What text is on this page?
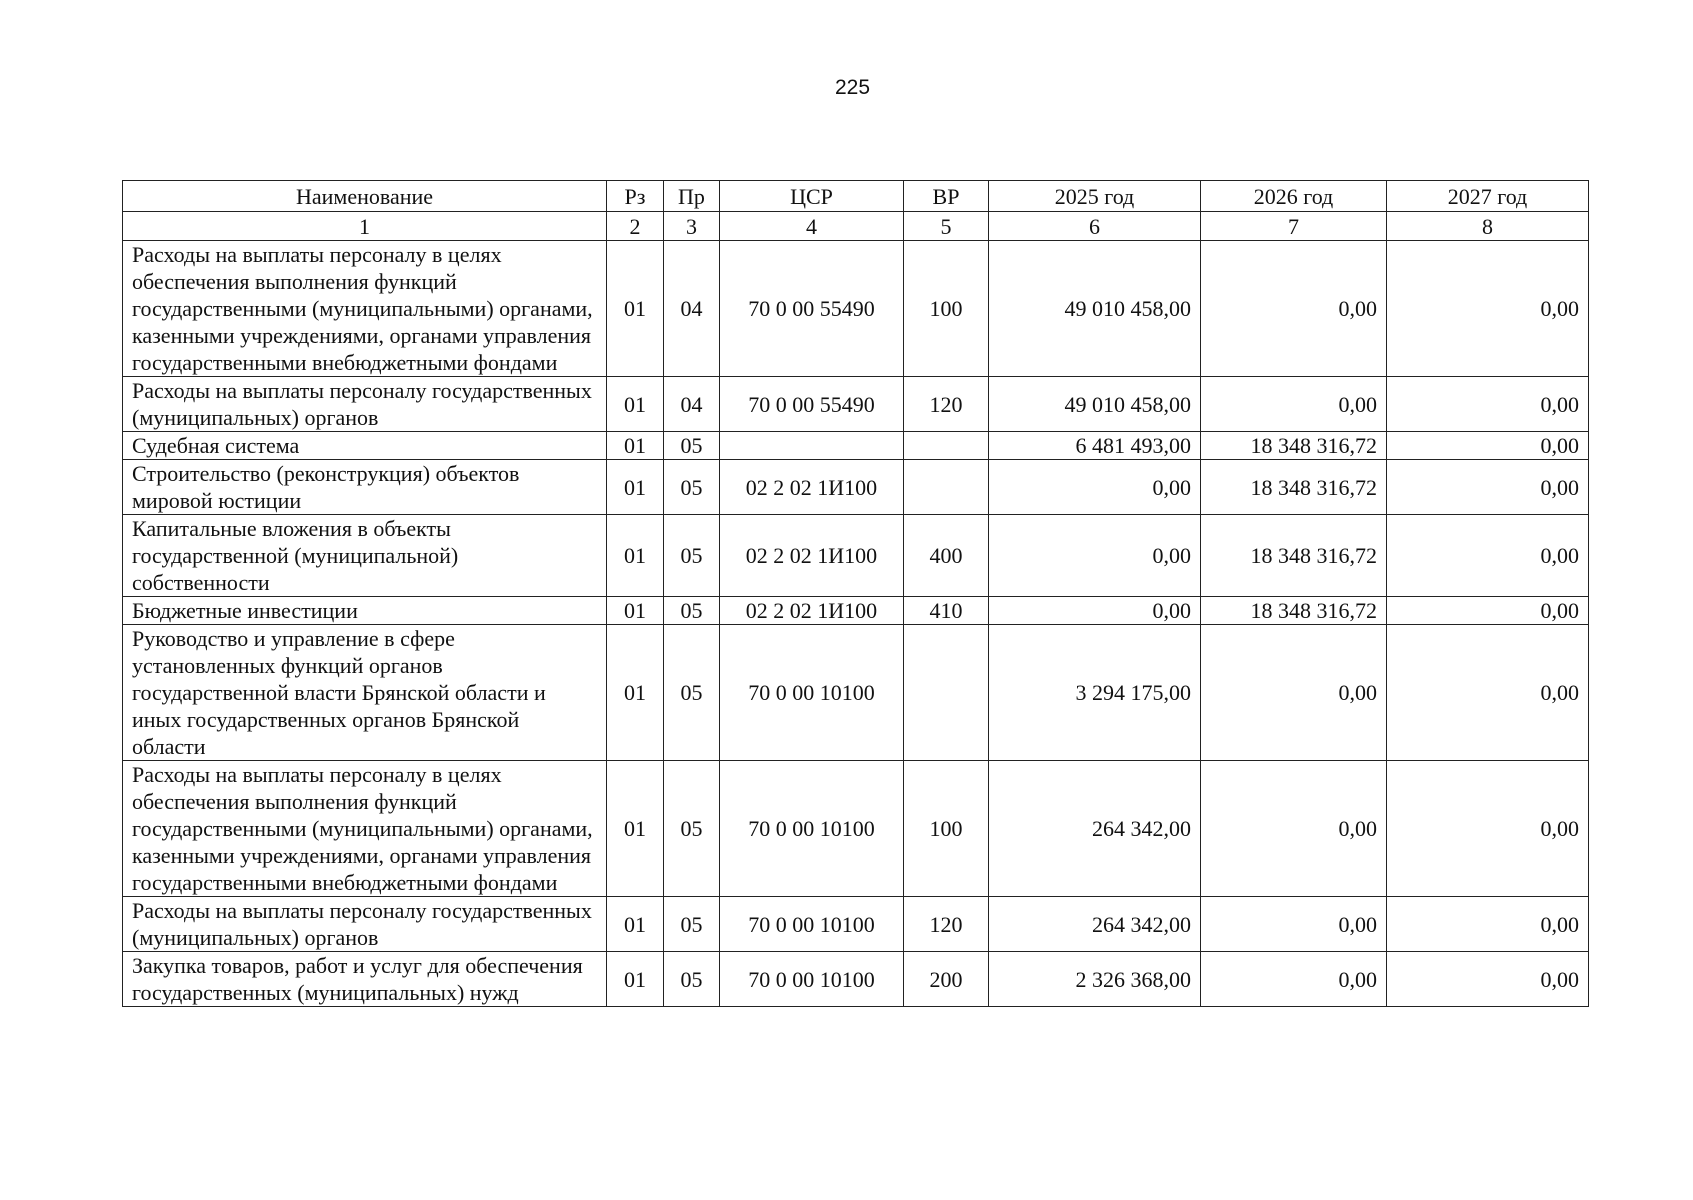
225
Наименование	Рз	Пр	ЦСР	ВР	2025 год	2026 год	2027 год
1	2	3	4	5	6	7	8
Расходы на выплаты персоналу в целях обеспечения выполнения функций государственными (муниципальными) органами, казенными учреждениями, органами управления государственными внебюджетными фондами	01	04	70 0 00 55490	100	49 010 458,00	0,00	0,00
Расходы на выплаты персоналу государственных (муниципальных) органов	01	04	70 0 00 55490	120	49 010 458,00	0,00	0,00
Судебная система	01	05			6 481 493,00	18 348 316,72	0,00
Строительство (реконструкция) объектов мировой юстиции	01	05	02 2 02 1И100		0,00	18 348 316,72	0,00
Капитальные вложения в объекты государственной (муниципальной) собственности	01	05	02 2 02 1И100	400	0,00	18 348 316,72	0,00
Бюджетные инвестиции	01	05	02 2 02 1И100	410	0,00	18 348 316,72	0,00
Руководство и управление в сфере установленных функций органов государственной власти Брянской области и иных государственных органов Брянской области	01	05	70 0 00 10100		3 294 175,00	0,00	0,00
Расходы на выплаты персоналу в целях обеспечения выполнения функций государственными (муниципальными) органами, казенными учреждениями, органами управления государственными внебюджетными фондами	01	05	70 0 00 10100	100	264 342,00	0,00	0,00
Расходы на выплаты персоналу государственных (муниципальных) органов	01	05	70 0 00 10100	120	264 342,00	0,00	0,00
Закупка товаров, работ и услуг для обеспечения государственных (муниципальных) нужд	01	05	70 0 00 10100	200	2 326 368,00	0,00	0,00
